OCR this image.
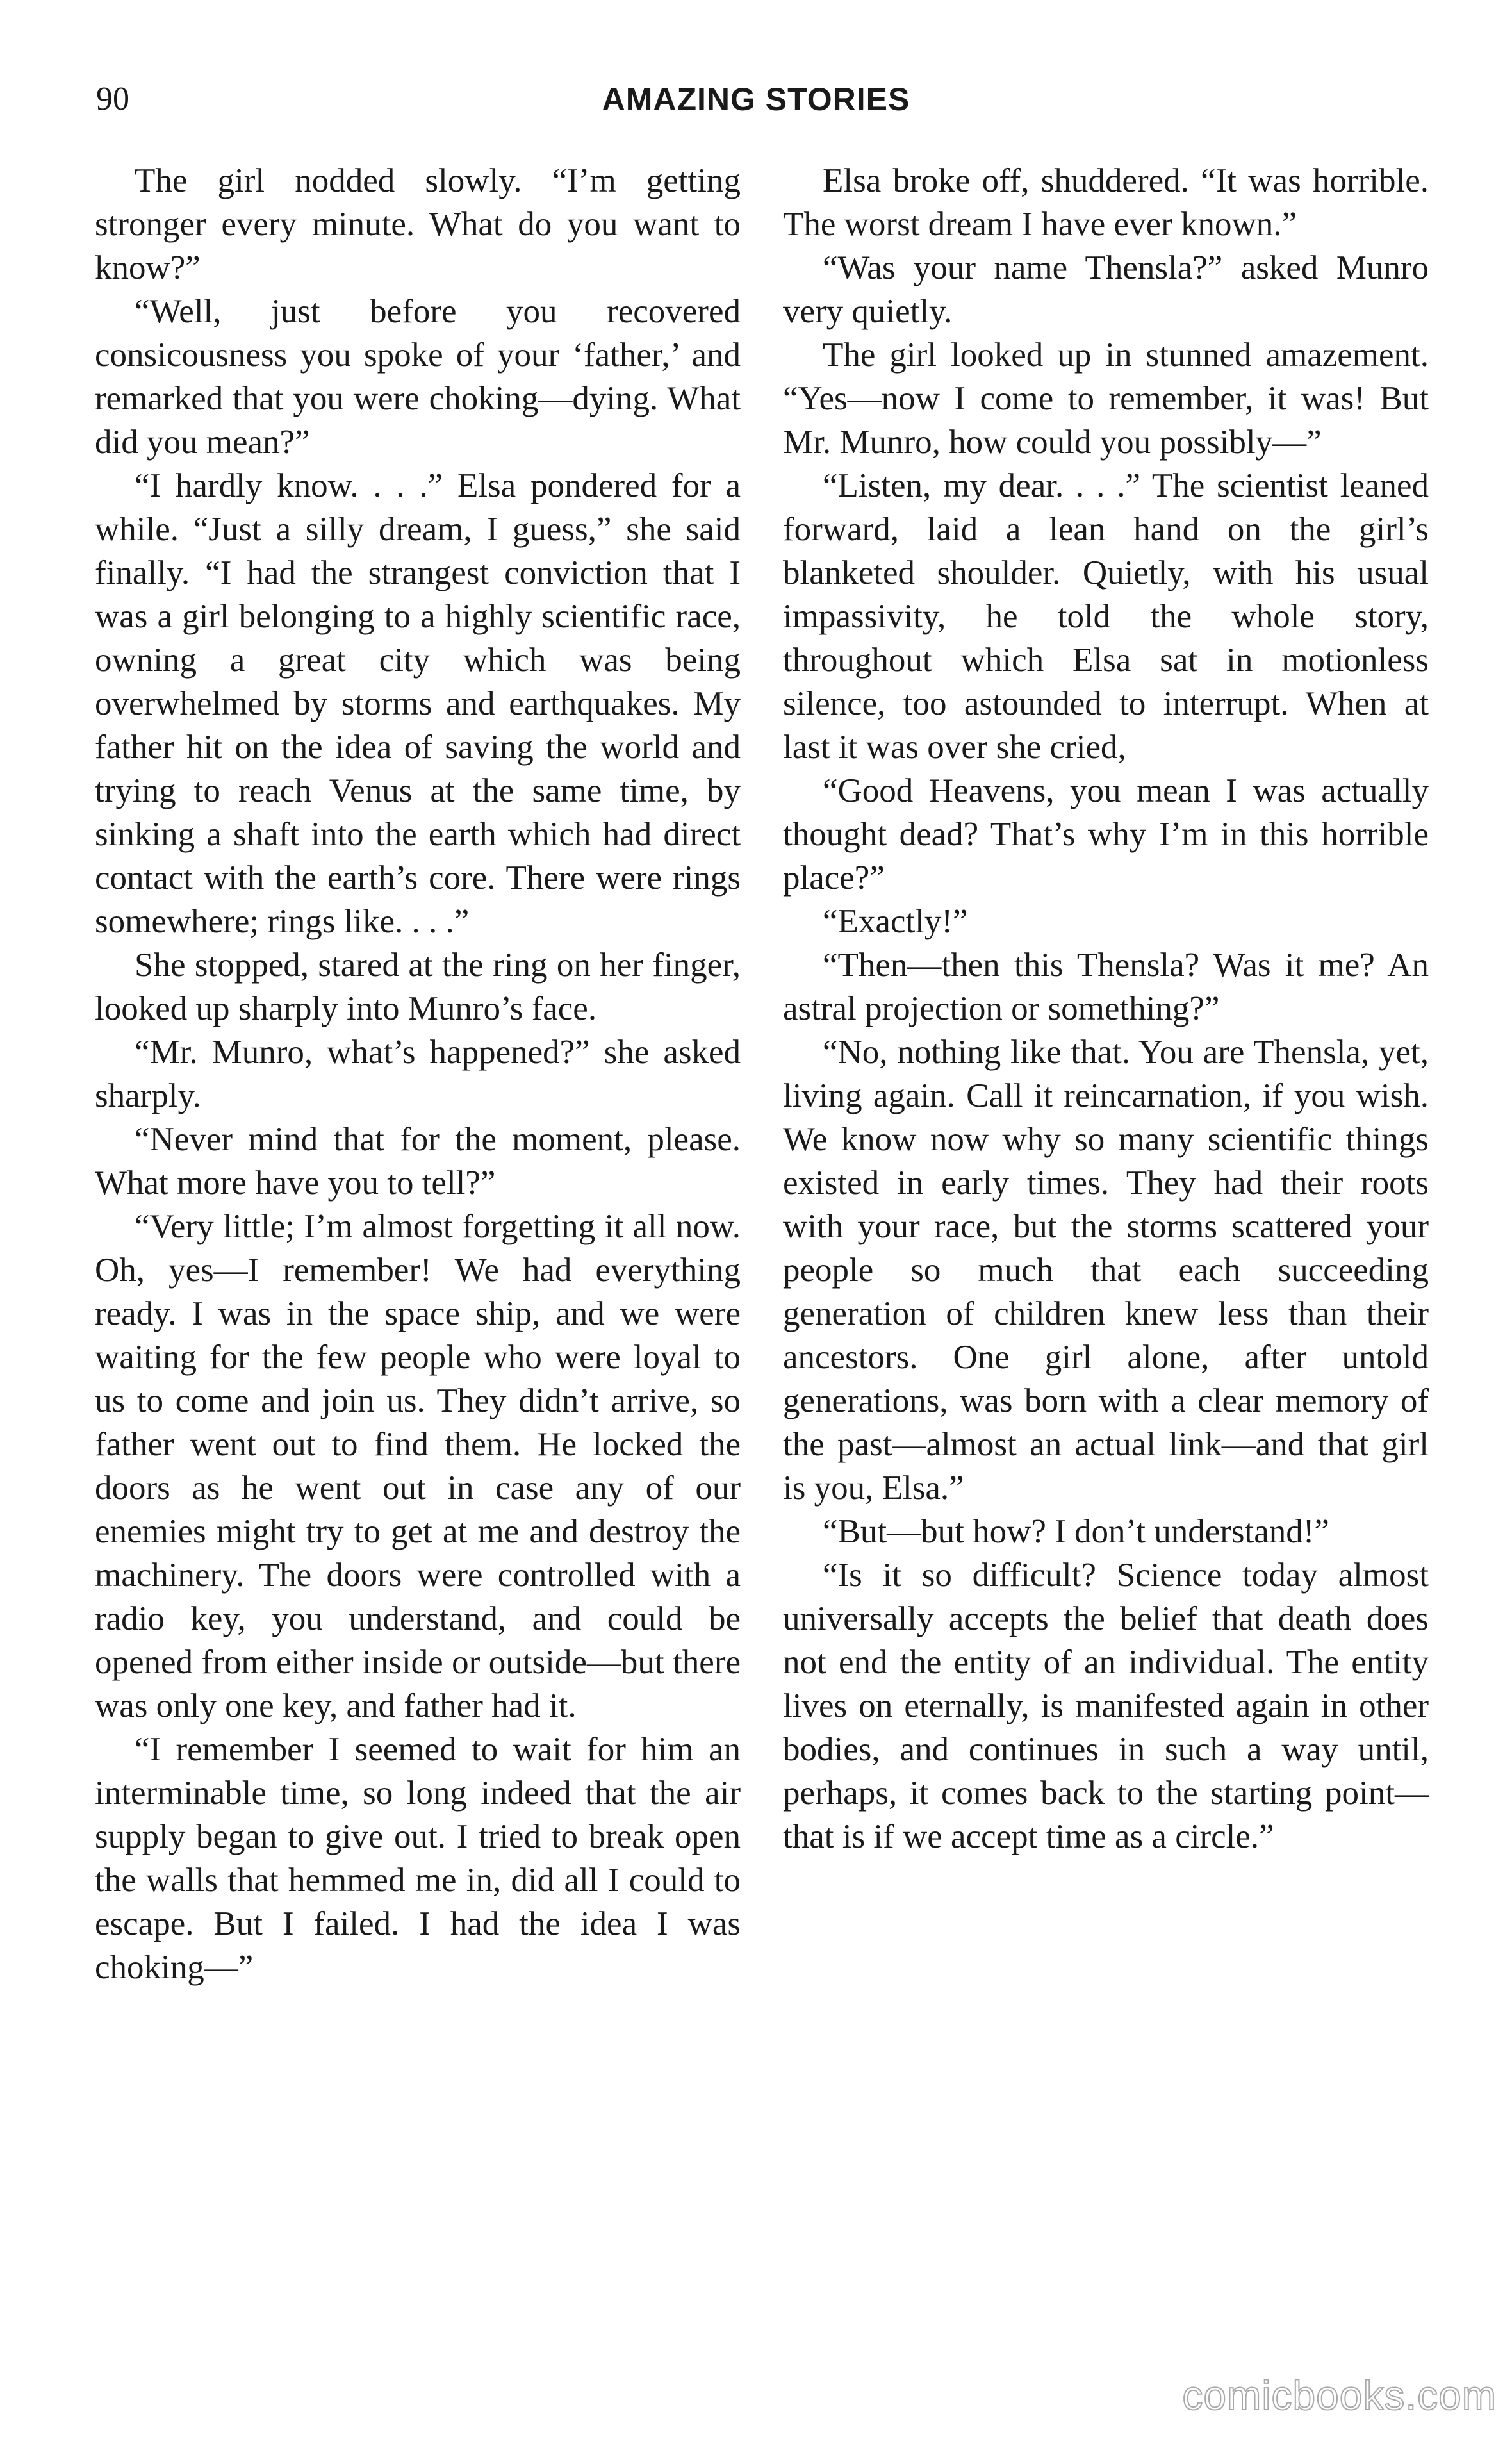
90	AMAZING STORIES

The girl nodded slowly. “I’m getting stronger every minute. What do you want to know?”

“Well, just before you recovered consicousness you spoke of your ‘father,’ and remarked that you were choking—dying. What did you mean?”

“I hardly know. . . .” Elsa pondered for a while. “Just a silly dream, I guess,” she said finally. “I had the strangest conviction that I was a girl belonging to a highly scientific race, owning a great city which was being overwhelmed by storms and earthquakes. My father hit on the idea of saving the world and trying to reach Venus at the same time, by sinking a shaft into the earth which had direct contact with the earth’s core. There were rings somewhere; rings like. . . .”

She stopped, stared at the ring on her finger, looked up sharply into Munro’s face.

“Mr. Munro, what’s happened?” she asked sharply.

“Never mind that for the moment, please. What more have you to tell?”

“Very little; I’m almost forgetting it all now. Oh, yes—I remember! We had everything ready. I was in the space ship, and we were waiting for the few people who were loyal to us to come and join us. They didn’t arrive, so father went out to find them. He locked the doors as he went out in case any of our enemies might try to get at me and destroy the machinery. The doors were controlled with a radio key, you understand, and could be opened from either inside or outside—but there was only one key, and father had it.

“I remember I seemed to wait for him an interminable time, so long indeed that the air supply began to give out. I tried to break open the walls that hemmed me in, did all I could to escape. But I failed. I had the idea I was choking—”

Elsa broke off, shuddered. “It was horrible. The worst dream I have ever known.”

“Was your name Thensla?” asked Munro very quietly.

The girl looked up in stunned amazement. “Yes—now I come to remember, it was! But Mr. Munro, how could you possibly—”

“Listen, my dear. . . .” The scientist leaned forward, laid a lean hand on the girl’s blanketed shoulder. Quietly, with his usual impassivity, he told the whole story, throughout which Elsa sat in motionless silence, too astounded to interrupt. When at last it was over she cried,

“Good Heavens, you mean I was actually thought dead? That’s why I’m in this horrible place?”

“Exactly!”

“Then—then this Thensla? Was it me? An astral projection or something?”

“No, nothing like that. You are Thensla, yet, living again. Call it reincarnation, if you wish. We know now why so many scientific things existed in early times. They had their roots with your race, but the storms scattered your people so much that each succeeding generation of children knew less than their ancestors. One girl alone, after untold generations, was born with a clear memory of the past—almost an actual link—and that girl is you, Elsa.”

“But—but how? I don’t understand!”

“Is it so difficult? Science today almost universally accepts the belief that death does not end the entity of an individual. The entity lives on eternally, is manifested again in other bodies, and continues in such a way until, perhaps, it comes back to the starting point—that is if we accept time as a circle.”

comicbooks.com
